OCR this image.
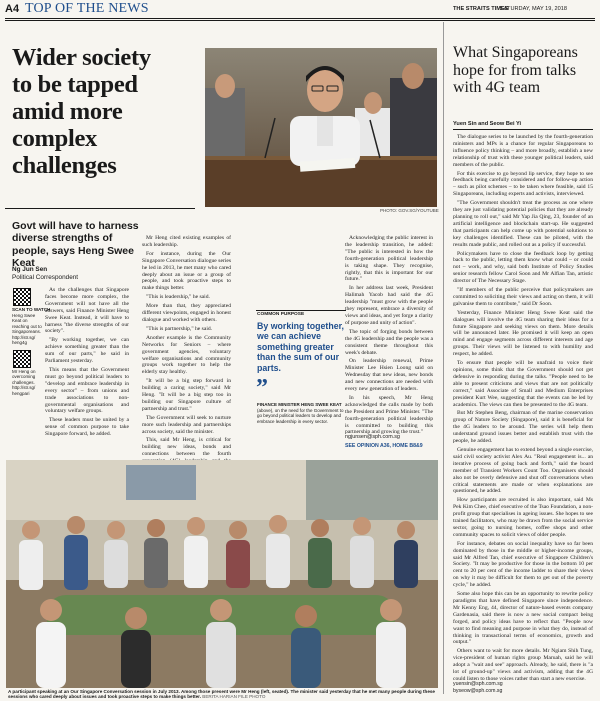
A4 TOP OF THE NEWS	THE STRAITS TIMES
SATURDAY, MAY 19, 2018
Wider society
to be tapped
amid more
complex
challenges
PHOTO: GOV.SG/YOUTUBE
Govt will have to harness diverse strengths of people, says Heng Swee Keat
Ng Jun Sen
Political Correspondent
SCAN TO WATCH
Heng Swee Keat on reaching out to Singaporeans. http://str.sg/ heng4g
Mr Heng on overcoming challenges. http://str.sg/ hengpari

As the challenges that Singapore faces become more complex, the Government will not have all the answers, said Finance Minister Heng Swee Keat. Instead, it will have to harness "the diverse strengths of our society".

"By working together, we can achieve something greater than the sum of our parts," he said in Parliament yesterday.

This means that the Government must go beyond political leaders to "develop and embrace leadership in every sector" – from unions and trade associations to non-governmental organisations and voluntary welfare groups.

These leaders must be united by a sense of common purpose to take Singapore forward, he added.

Mr Heng cited existing examples of such leadership.

For instance, during the Our Singapore Conversation dialogue series he led in 2013, he met many who cared deeply about an issue or a group of people, and took proactive steps to make things better.

"This is leadership," he said.

More than that, they appreciated different viewpoints, engaged in honest dialogue and worked with others.

"This is partnership," he said.

Another example is the Community Networks for Seniors – where government agencies, voluntary welfare organisations and community groups work together to help the elderly stay healthy.

"It will be a big step forward in building a caring society," said Mr Heng. "It will be a big step too in building our Singapore culture of partnership and trust."

The Government will seek to nurture more such leadership and partnerships across society, said the minister.

This, said Mr Heng, is critical for building new ideas, bonds and connections between the fourth

COMMON PURPOSE
By working together, we can achieve something greater than the sum of our parts.
”
FINANCE MINISTER HENG SWEE KEAT (above), on the need for the Government to go beyond political leaders to develop and embrace leadership in every sector.

Acknowledging the public interest in the leadership transition, he added: "The public is interested in how the fourth-generation political leadership is taking shape. They recognise, rightly, that this is important for our future."

In her address last week, President Halimah Yacob had said the 4G leadership "must grow with the people they represent, embrace a diversity of views and ideas, and yet forge a clarity of purpose and unity of action".

The topic of forging bonds between the 4G leadership and the people was a consistent theme throughout this week's debate.

On leadership renewal, Prime Minister Lee Hsien Loong said on Wednesday that new ideas, new bonds and new connections are needed with every new generation of leaders.

In his speech, Mr Heng acknowledged the calls made by both the President and Prime Minister. "The fourth-generation political leadership is committed to building this partnership and growing the trust."

ngjunsen@sph.com.sg
SEE OPINION A36, HOME B8&9
A participant speaking at an Our Singapore Conversation session in July 2013. Among those present were Mr Heng (left, seated). The minister said yesterday that he met many people during these sessions who cared deeply about issues and took proactive steps to make things better. BERITA HARIAN FILE PHOTO
What Singaporeans hope for from talks with 4G team
Yuen Sin and Seow Bei Yi

The dialogue series to be launched by the fourth-generation ministers and MPs is a chance for regular Singaporeans to influence policy thinking – and more broadly, establish a new relationship of trust with these younger political leaders, said members of the public.

For this exercise to go beyond lip service, they hope to see feedback being carefully considered and for follow-up action – such as pilot schemes – to be taken where feasible, said 15 Singaporeans, including experts and activists, interviewed.

"The Government shouldn't treat the process as one where they are just validating potential policies that they are already planning to roll out," said Mr Yap Jia Qing, 23, founder of an artificial intelligence and blockchain start-up. He suggested that participants can help come up with potential solutions to key challenges identified. These can be piloted, with the results made public, and rolled out as a policy if successful.

Policymakers have to close the feedback loop by getting back to the public, letting them know what could – or could not – work, and why, said both Institute of Policy Studies senior research fellow Carol Soon and Mr Alfian Tan, artistic director of The Necessary Stage.

"If members of the public perceive that policymakers are committed to soliciting their views and acting on them, it will galvanise them to contribute," said Dr Soon.

Yesterday, Finance Minister Heng Swee Keat said the dialogues will involve the 4G team sharing their ideas for a future Singapore and seeking views on them. More details will be announced later. He promised it will keep an open mind and engage segments across different interests and age groups. Their views will be listened to with humility and respect, he added.

To ensure that people will be unafraid to voice their opinions, some think that the Government should not get defensive in responding during the talks. "People need to be able to present criticisms and views that are not politically correct," said Associate of Small and Medium Enterprises president Kurt Wee, suggesting that the events can be led by academics. The views can then be presented to the 4G team.

But Mr Stephen Beng, chairman of the marine conservation group of Nature Society (Singapore), said it is beneficial for the 4G leaders to be around. The series will help them understand ground issues better and establish trust with the people, he added.

Genuine engagement has to extend beyond a single exercise, said civil society activist Alex Au. "Real engagement is... an iterative process of going back and forth," said the board member of Transient Workers Count Too. Organisers should also not be overly defensive and shut off conversations when critical statements are made or when explanations are questioned, he added.

How participants are recruited is also important, said Ms Pek Kim Chee, chief executive of the Tsao Foundation, a non-profit group that specialises in ageing issues. She hopes to see trained facilitators, who may be drawn from the social service sector, going to nursing homes, coffee shops and other community spaces to solicit views of older people.

For instance, debates on social inequality have so far been dominated by those in the middle or higher-income groups, said Mr Alfred Tan, chief executive of Singapore Children's Society. "It may be productive for those in the bottom 10 per cent to 20 per cent of the income ladder to share their views on why it may be difficult for them to get out of the poverty cycle," he added.

Some also hope this can be an opportunity to rewrite policy paradigms that have defined Singapore since independence. Mr Kenny Eng, 44, director of nature-based events company Gardenasia, said there is now a new social compact being forged, and policy ideas have to reflect that. "People now want to find meaning and purpose in what they do, instead of thinking in transactional terms of economics, growth and output."

Others want to wait for more details. Mr Ngiam Shih Tung, vice-president of human rights group Maruah, said he will adopt a "wait and see" approach. Already, he said, there is "a lot of ground-up" views and activism, adding that the 4G could listen to those voices rather than start a new exercise.

yuensin@sph.com.sg
byseow@sph.com.sg
